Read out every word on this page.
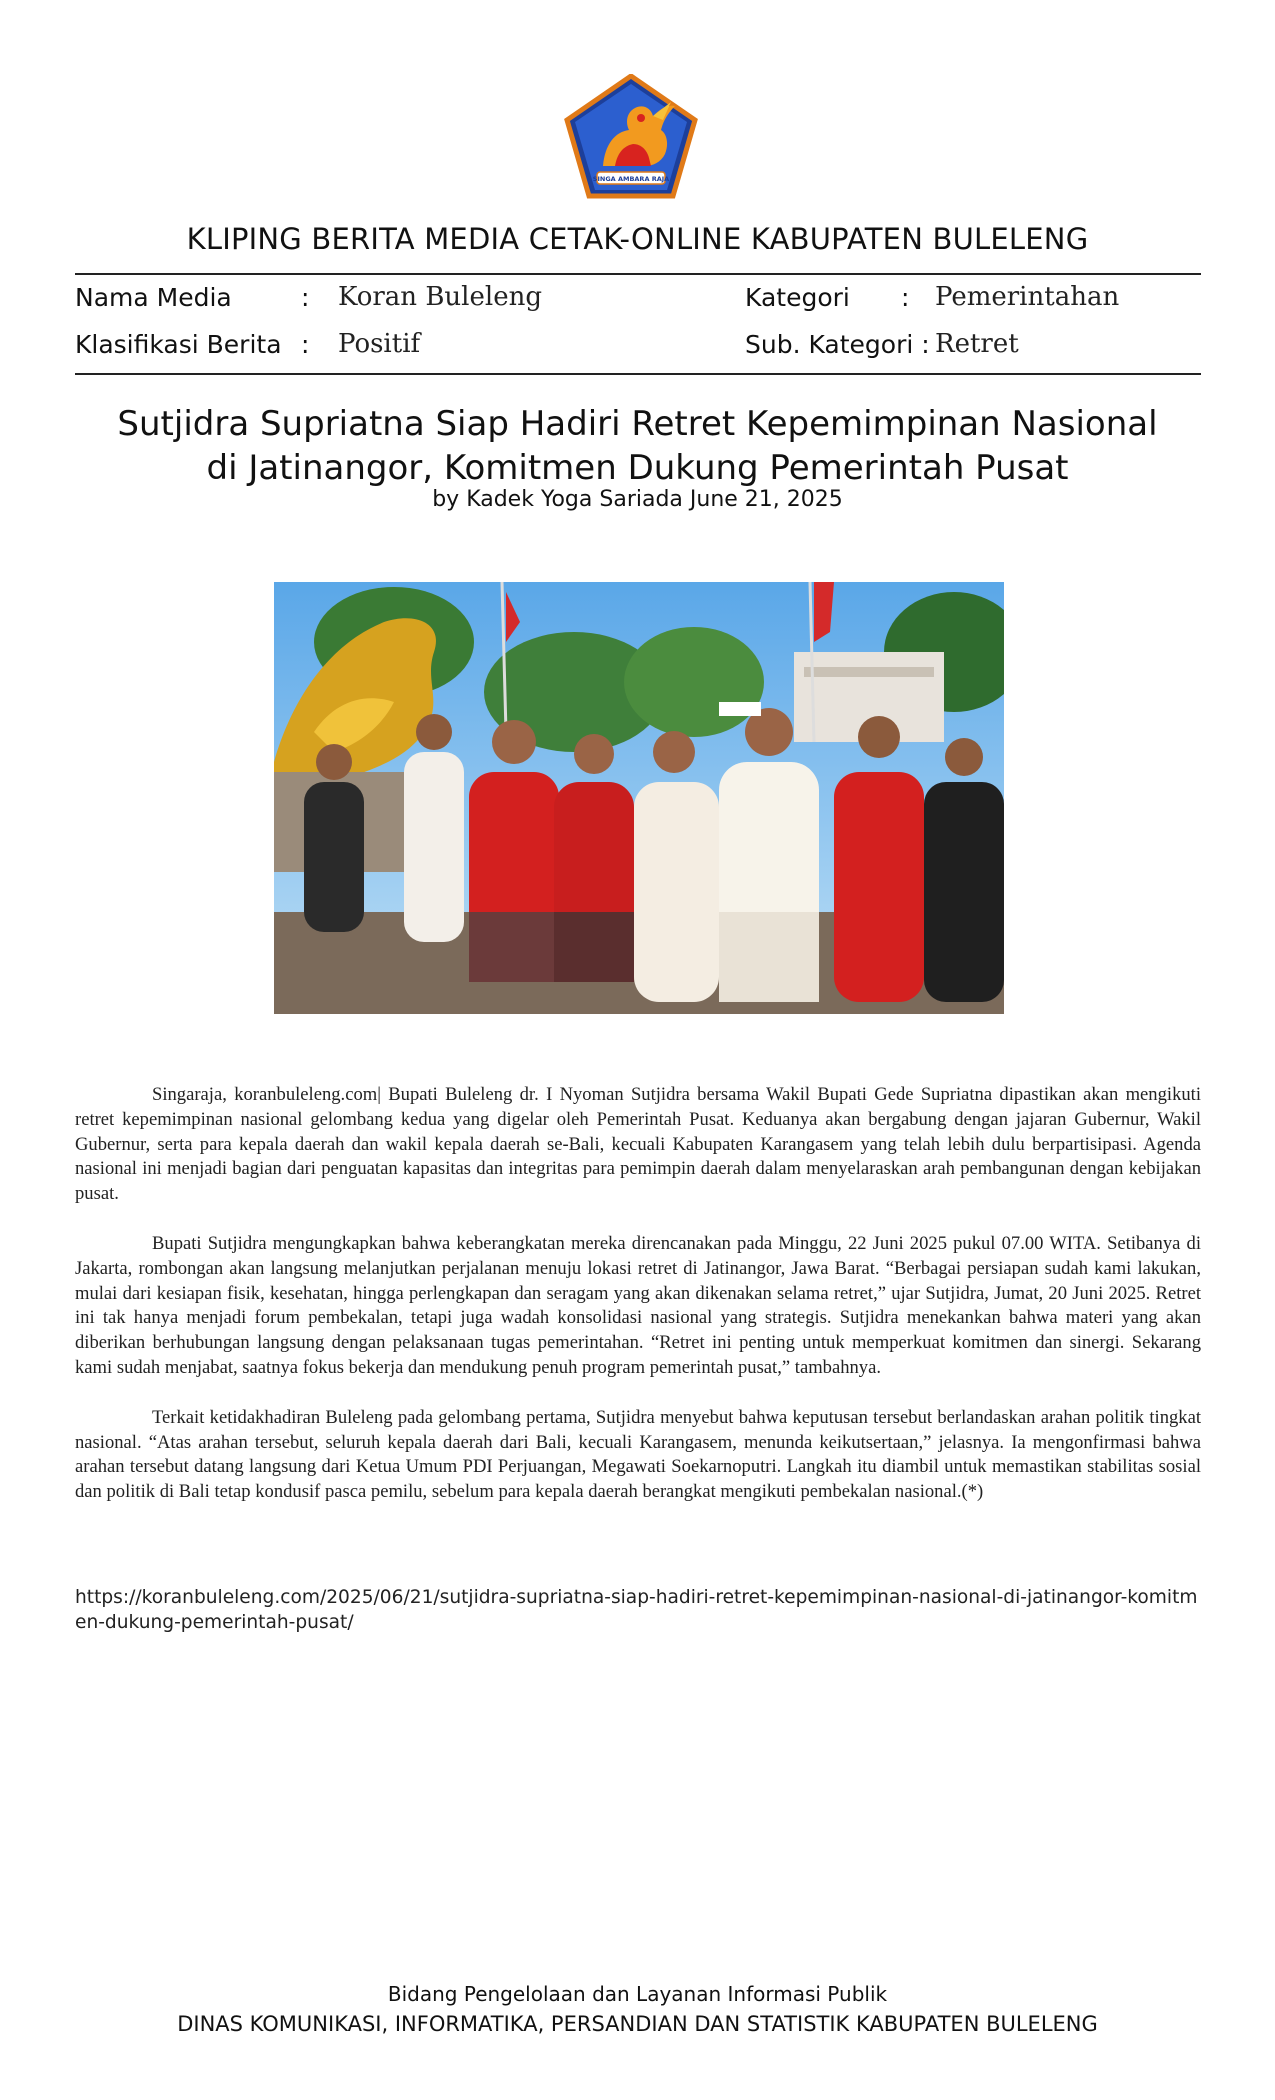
SINGA AMBARA RAJA
KLIPING BERITA MEDIA CETAK-ONLINE KABUPATEN BULELENG
Nama Media	: Koran Buleleng	Kategori : Pemerintahan
Klasifikasi Berita : Positif	Sub. Kategori : Retret
Sutjidra Supriatna Siap Hadiri Retret Kepemimpinan Nasional
di Jatinangor, Komitmen Dukung Pemerintah Pusat
by Kadek Yoga Sariada June 21, 2025

Singaraja, koranbuleleng.com| Bupati Buleleng dr. I Nyoman Sutjidra bersama Wakil Bupati Gede Supriatna dipastikan akan mengikuti retret kepemimpinan nasional gelombang kedua yang digelar oleh Pemerintah Pusat. Keduanya akan bergabung dengan jajaran Gubernur, Wakil Gubernur, serta para kepala daerah dan wakil kepala daerah se-Bali, kecuali Kabupaten Karangasem yang telah lebih dulu berpartisipasi. Agenda nasional ini menjadi bagian dari penguatan kapasitas dan integritas para pemimpin daerah dalam menyelaraskan arah pembangunan dengan kebijakan pusat.

Bupati Sutjidra mengungkapkan bahwa keberangkatan mereka direncanakan pada Minggu, 22 Juni 2025 pukul 07.00 WITA. Setibanya di Jakarta, rombongan akan langsung melanjutkan perjalanan menuju lokasi retret di Jatinangor, Jawa Barat. “Berbagai persiapan sudah kami lakukan, mulai dari kesiapan fisik, kesehatan, hingga perlengkapan dan seragam yang akan dikenakan selama retret,” ujar Sutjidra, Jumat, 20 Juni 2025. Retret ini tak hanya menjadi forum pembekalan, tetapi juga wadah konsolidasi nasional yang strategis. Sutjidra menekankan bahwa materi yang akan diberikan berhubungan langsung dengan pelaksanaan tugas pemerintahan. “Retret ini penting untuk memperkuat komitmen dan sinergi. Sekarang kami sudah menjabat, saatnya fokus bekerja dan mendukung penuh program pemerintah pusat,” tambahnya.

Terkait ketidakhadiran Buleleng pada gelombang pertama, Sutjidra menyebut bahwa keputusan tersebut berlandaskan arahan politik tingkat nasional. “Atas arahan tersebut, seluruh kepala daerah dari Bali, kecuali Karangasem, menunda keikutsertaan,” jelasnya. Ia mengonfirmasi bahwa arahan tersebut datang langsung dari Ketua Umum PDI Perjuangan, Megawati Soekarnoputri. Langkah itu diambil untuk memastikan stabilitas sosial dan politik di Bali tetap kondusif pasca pemilu, sebelum para kepala daerah berangkat mengikuti pembekalan nasional.(*)

https://koranbuleleng.com/2025/06/21/sutjidra-supriatna-siap-hadiri-retret-kepemimpinan-nasional-di-jatinangor-komitmen-dukung-pemerintah-pusat/
Bidang Pengelolaan dan Layanan Informasi Publik
DINAS KOMUNIKASI, INFORMATIKA, PERSANDIAN DAN STATISTIK KABUPATEN BULELENG
